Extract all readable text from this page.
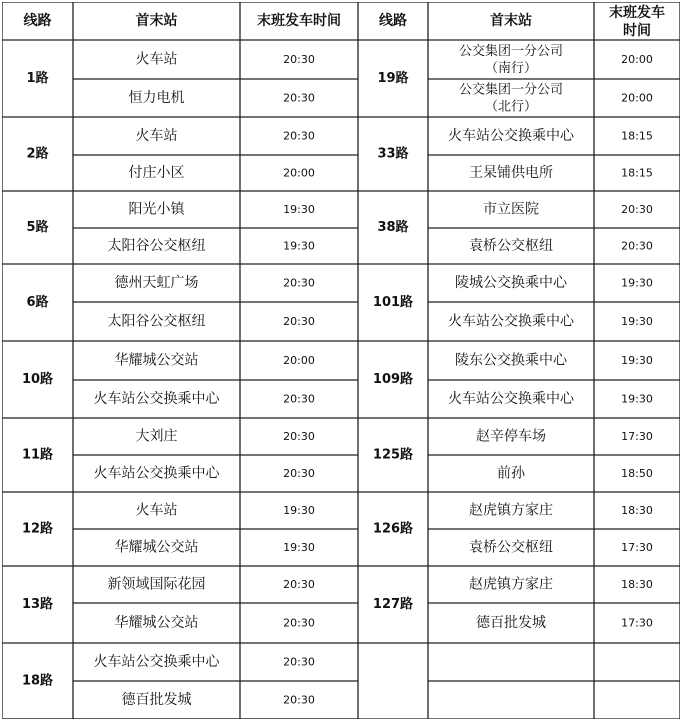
线路	首末站	末班发车时间	线路	首末站	末班发车
时间
1路
火车站	20:30
恒力电机	20:30
2路
火车站	20:30
付庄小区	20:00
5路
阳光小镇	19:30
太阳谷公交枢纽	19:30
6路
德州天虹广场	20:30
太阳谷公交枢纽	20:30
10路
华耀城公交站	20:00
火车站公交换乘中心	20:30
11路
大刘庄	20:30
火车站公交换乘中心	20:30
12路
火车站	19:30
华耀城公交站	19:30
13路
新领域国际花园	20:30
华耀城公交站	20:30
18路
火车站公交换乘中心	20:30
德百批发城	20:30
19路
公交集团一分公司
（南行）
20:00
公交集团一分公司
（北行）
20:00
33路
火车站公交换乘中心	18:15
王杲铺供电所	18:15
38路
市立医院	20:30
袁桥公交枢纽	20:30
101路
陵城公交换乘中心	19:30
火车站公交换乘中心	19:30
109路
陵东公交换乘中心	19:30
火车站公交换乘中心	19:30
125路
赵辛停车场	17:30
前孙	18:50
126路
赵虎镇方家庄	18:30
袁桥公交枢纽	17:30
127路
赵虎镇方家庄	18:30
德百批发城	17:30
